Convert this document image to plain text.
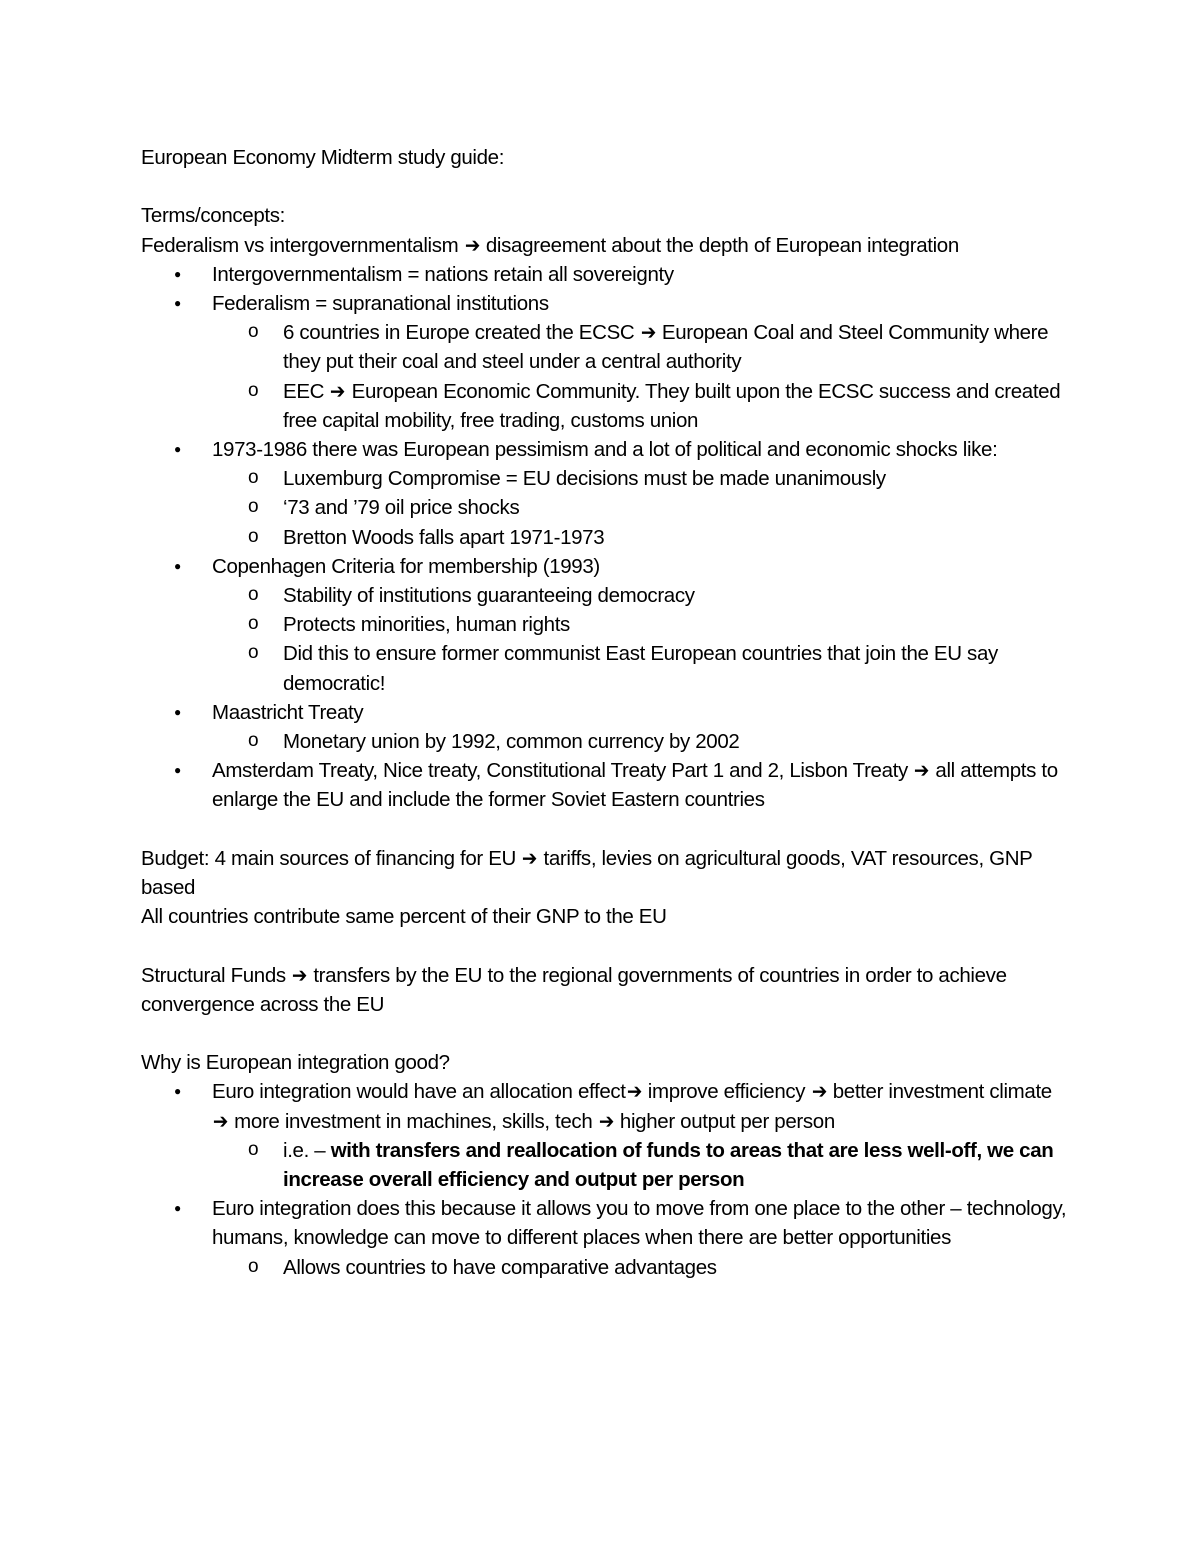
European Economy Midterm study guide:

Terms/concepts:

Federalism vs intergovernmentalism ➔ disagreement about the depth of European integration

● Intergovernmentalism = nations retain all sovereignty
● Federalism = supranational institutions
o 6 countries in Europe created the ECSC ➔ European Coal and Steel Community where they put their coal and steel under a central authority
o EEC ➔ European Economic Community. They built upon the ECSC success and created free capital mobility, free trading, customs union
● 1973-1986 there was European pessimism and a lot of political and economic shocks like:
o Luxemburg Compromise = EU decisions must be made unanimously
o ‘73 and ’79 oil price shocks
o Bretton Woods falls apart 1971-1973
● Copenhagen Criteria for membership (1993)
o Stability of institutions guaranteeing democracy
o Protects minorities, human rights
o Did this to ensure former communist East European countries that join the EU say democratic!
● Maastricht Treaty
o Monetary union by 1992, common currency by 2002
● Amsterdam Treaty, Nice treaty, Constitutional Treaty Part 1 and 2, Lisbon Treaty ➔ all attempts to enlarge the EU and include the former Soviet Eastern countries

Budget: 4 main sources of financing for EU ➔ tariffs, levies on agricultural goods, VAT resources, GNP based

All countries contribute same percent of their GNP to the EU

Structural Funds ➔ transfers by the EU to the regional governments of countries in order to achieve convergence across the EU

Why is European integration good?

● Euro integration would have an allocation effect➔ improve efficiency ➔ better investment climate ➔ more investment in machines, skills, tech ➔ higher output per person
o i.e. – with transfers and reallocation of funds to areas that are less well-off, we can increase overall efficiency and output per person
● Euro integration does this because it allows you to move from one place to the other – technology, humans, knowledge can move to different places when there are better opportunities
o Allows countries to have comparative advantages
